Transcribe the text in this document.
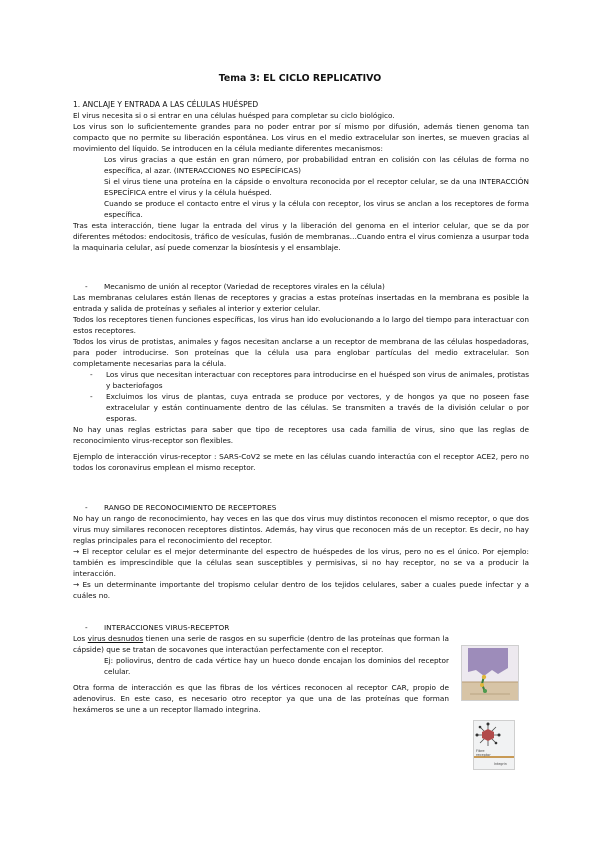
Tema 3: EL CICLO REPLICATIVO
1. ANCLAJE Y ENTRADA A LAS CÉLULAS HUÉSPED
El virus necesita si o si entrar en una células huésped para completar su ciclo biológico.
Los virus son lo suficientemente grandes para no poder entrar por sí mismo por difusión, además tienen genoma tan compacto que no permite su liberación espontánea. Los virus en el medio extracelular son inertes, se mueven gracias al movimiento del líquido. Se introducen en la célula mediante diferentes mecanismos:
Los virus gracias a que están en gran número, por probabilidad entran en colisión con las células de forma no específica, al azar. (INTERACCIONES NO ESPECÍFICAS)
Si el virus tiene una proteína en la cápside o envoltura reconocida por el receptor celular, se da una INTERACCIÓN ESPECÍFICA entre el virus y la célula huésped.
Cuando se produce el contacto entre el virus y la célula con receptor, los virus se anclan a los receptores de forma específica.
Tras esta interacción, tiene lugar la entrada del virus y la liberación del genoma en el interior celular, que se da por diferentes métodos: endocitosis, tráfico de vesículas, fusión de membranas…Cuando entra el virus comienza a usurpar toda la maquinaria celular, así puede comenzar la biosíntesis y el ensamblaje.
- Mecanismo de unión al receptor (Variedad de receptores virales en la célula)
Las membranas celulares están llenas de receptores y gracias a estas proteínas insertadas en la membrana es posible la entrada y salida de proteínas y señales al interior y exterior celular.
Todos los receptores tienen funciones específicas, los virus han ido evolucionando a lo largo del tiempo para interactuar con estos receptores.
Todos los virus de protistas, animales y fagos necesitan anclarse a un receptor de membrana de las células hospedadoras, para poder introducirse. Son proteínas que la célula usa para englobar partículas del medio extracelular. Son completamente necesarias para la célula.
- Los virus que necesitan interactuar con receptores para introducirse en el huésped son virus de animales, protistas y bacteriofagos
- Excluimos los virus de plantas, cuya entrada se produce por vectores, y de hongos ya que no poseen fase extracelular y están continuamente dentro de las células. Se transmiten a través de la división celular o por esporas.
No hay unas reglas estrictas para saber que tipo de receptores usa cada familia de virus, sino que las reglas de reconocimiento virus-receptor son flexibles.
Ejemplo de interacción virus-receptor : SARS-CoV2 se mete en las células cuando interactúa con el receptor ACE2, pero no todos los coronavirus emplean el mismo receptor.
- RANGO DE RECONOCIMIENTO DE RECEPTORES
No hay un rango de reconocimiento, hay veces en las que dos virus muy distintos reconocen el mismo receptor, o que dos virus muy similares reconocen receptores distintos. Además, hay virus que reconocen más de un receptor. Es decir, no hay reglas principales para el reconocimiento del receptor.
→ El receptor celular es el mejor determinante del espectro de huéspedes de los virus, pero no es el único. Por ejemplo: también es imprescindible que la células sean susceptibles y permisivas, si no hay receptor, no se va a producir la interacción.
→ Es un determinante importante del tropismo celular dentro de los tejidos celulares, saber a cuales puede infectar y a cuáles no.
- INTERACCIONES VIRUS-RECEPTOR
Los virus desnudos tienen una serie de rasgos en su superficie (dentro de las proteínas que forman la cápside) que se tratan de socavones que interactúan perfectamente con el receptor.
Ej: poliovirus, dentro de cada vértice hay un hueco donde encajan los dominios del receptor celular.
Otra forma de interacción es que las fibras de los vértices reconocen al receptor CAR, propio de adenovirus. En este caso, es necesario otro receptor ya que una de las proteínas que forman hexámeros se une a un receptor llamado integrina.
Fibre
receptor
Integrin
